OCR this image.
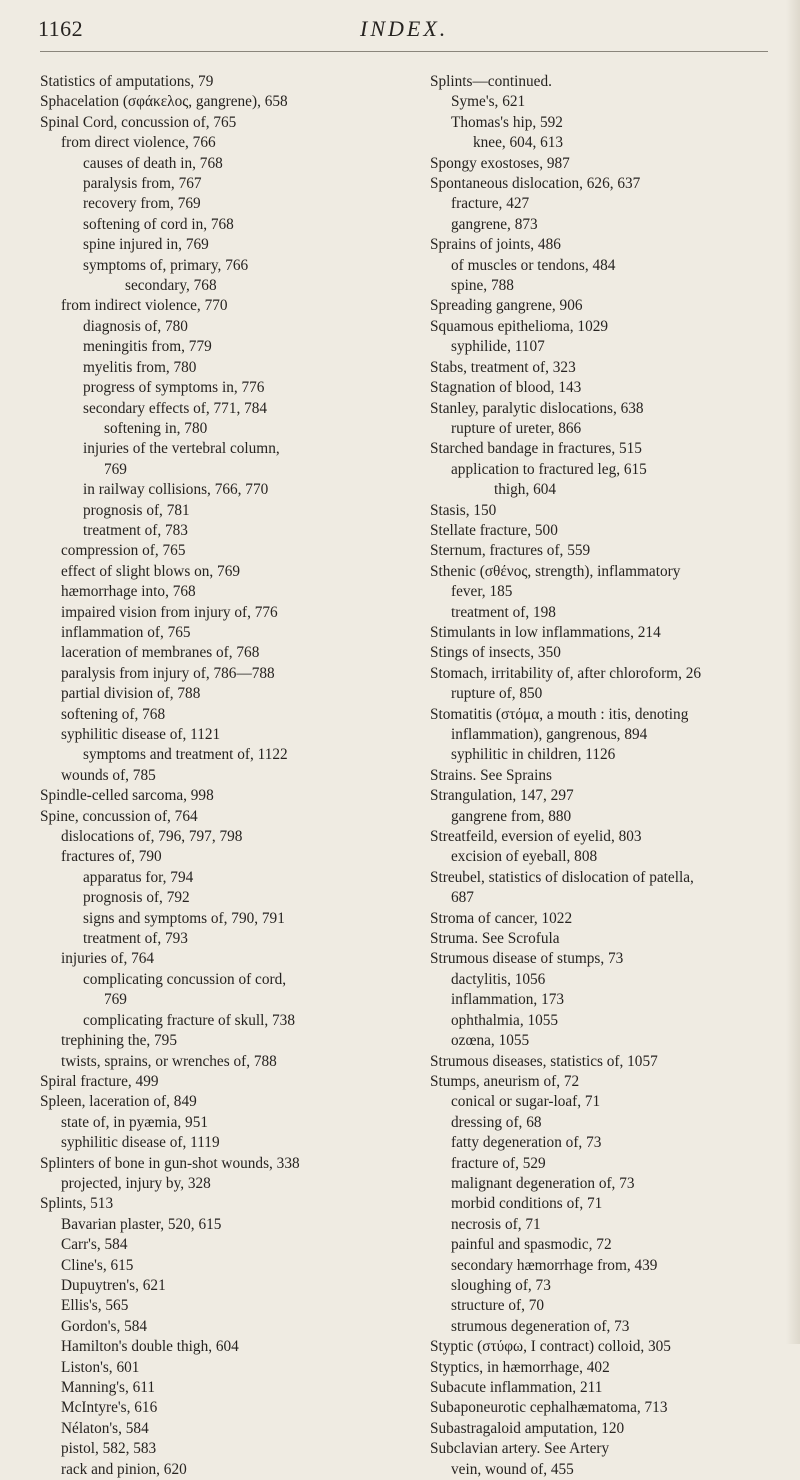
1162	INDEX.
Statistics of amputations, 79
Sphacelation (σφάκελος, gangrene), 658
Spinal Cord, concussion of, 765
from direct violence, 766
causes of death in, 768
paralysis from, 767
recovery from, 769
softening of cord in, 768
spine injured in, 769
symptoms of, primary, 766
secondary, 768
from indirect violence, 770
diagnosis of, 780
meningitis from, 779
myelitis from, 780
progress of symptoms in, 776
secondary effects of, 771, 784
softening in, 780
injuries of the vertebral column,
769
in railway collisions, 766, 770
prognosis of, 781
treatment of, 783
compression of, 765
effect of slight blows on, 769
hæmorrhage into, 768
impaired vision from injury of, 776
inflammation of, 765
laceration of membranes of, 768
paralysis from injury of, 786—788
partial division of, 788
softening of, 768
syphilitic disease of, 1121
symptoms and treatment of, 1122
wounds of, 785
Spindle-celled sarcoma, 998
Spine, concussion of, 764
dislocations of, 796, 797, 798
fractures of, 790
apparatus for, 794
prognosis of, 792
signs and symptoms of, 790, 791
treatment of, 793
injuries of, 764
complicating concussion of cord,
769
complicating fracture of skull, 738
trephining the, 795
twists, sprains, or wrenches of, 788
Spiral fracture, 499
Spleen, laceration of, 849
state of, in pyæmia, 951
syphilitic disease of, 1119
Splinters of bone in gun-shot wounds, 338
projected, injury by, 328
Splints, 513
Bavarian plaster, 520, 615
Carr's, 584
Cline's, 615
Dupuytren's, 621
Ellis's, 565
Gordon's, 584
Hamilton's double thigh, 604
Liston's, 601
Manning's, 611
McIntyre's, 616
Nélaton's, 584
pistol, 582, 583
rack and pinion, 620
Splints—continued.
Syme's, 621
Thomas's hip, 592
knee, 604, 613
Spongy exostoses, 987
Spontaneous dislocation, 626, 637
fracture, 427
gangrene, 873
Sprains of joints, 486
of muscles or tendons, 484
spine, 788
Spreading gangrene, 906
Squamous epithelioma, 1029
syphilide, 1107
Stabs, treatment of, 323
Stagnation of blood, 143
Stanley, paralytic dislocations, 638
rupture of ureter, 866
Starched bandage in fractures, 515
application to fractured leg, 615
thigh, 604
Stasis, 150
Stellate fracture, 500
Sternum, fractures of, 559
Sthenic (σθένος, strength), inflammatory
fever, 185
treatment of, 198
Stimulants in low inflammations, 214
Stings of insects, 350
Stomach, irritability of, after chloroform, 26
rupture of, 850
Stomatitis (στόμα, a mouth : itis, denoting
inflammation), gangrenous, 894
syphilitic in children, 1126
Strains. See Sprains
Strangulation, 147, 297
gangrene from, 880
Streatfeild, eversion of eyelid, 803
excision of eyeball, 808
Streubel, statistics of dislocation of patella,
687
Stroma of cancer, 1022
Struma. See Scrofula
Strumous disease of stumps, 73
dactylitis, 1056
inflammation, 173
ophthalmia, 1055
ozœna, 1055
Strumous diseases, statistics of, 1057
Stumps, aneurism of, 72
conical or sugar-loaf, 71
dressing of, 68
fatty degeneration of, 73
fracture of, 529
malignant degeneration of, 73
morbid conditions of, 71
necrosis of, 71
painful and spasmodic, 72
secondary hæmorrhage from, 439
sloughing of, 73
structure of, 70
strumous degeneration of, 73
Styptic (στύφω, I contract) colloid, 305
Styptics, in hæmorrhage, 402
Subacute inflammation, 211
Subaponeurotic cephalhæmatoma, 713
Subastragaloid amputation, 120
Subclavian artery. See Artery
vein, wound of, 455
